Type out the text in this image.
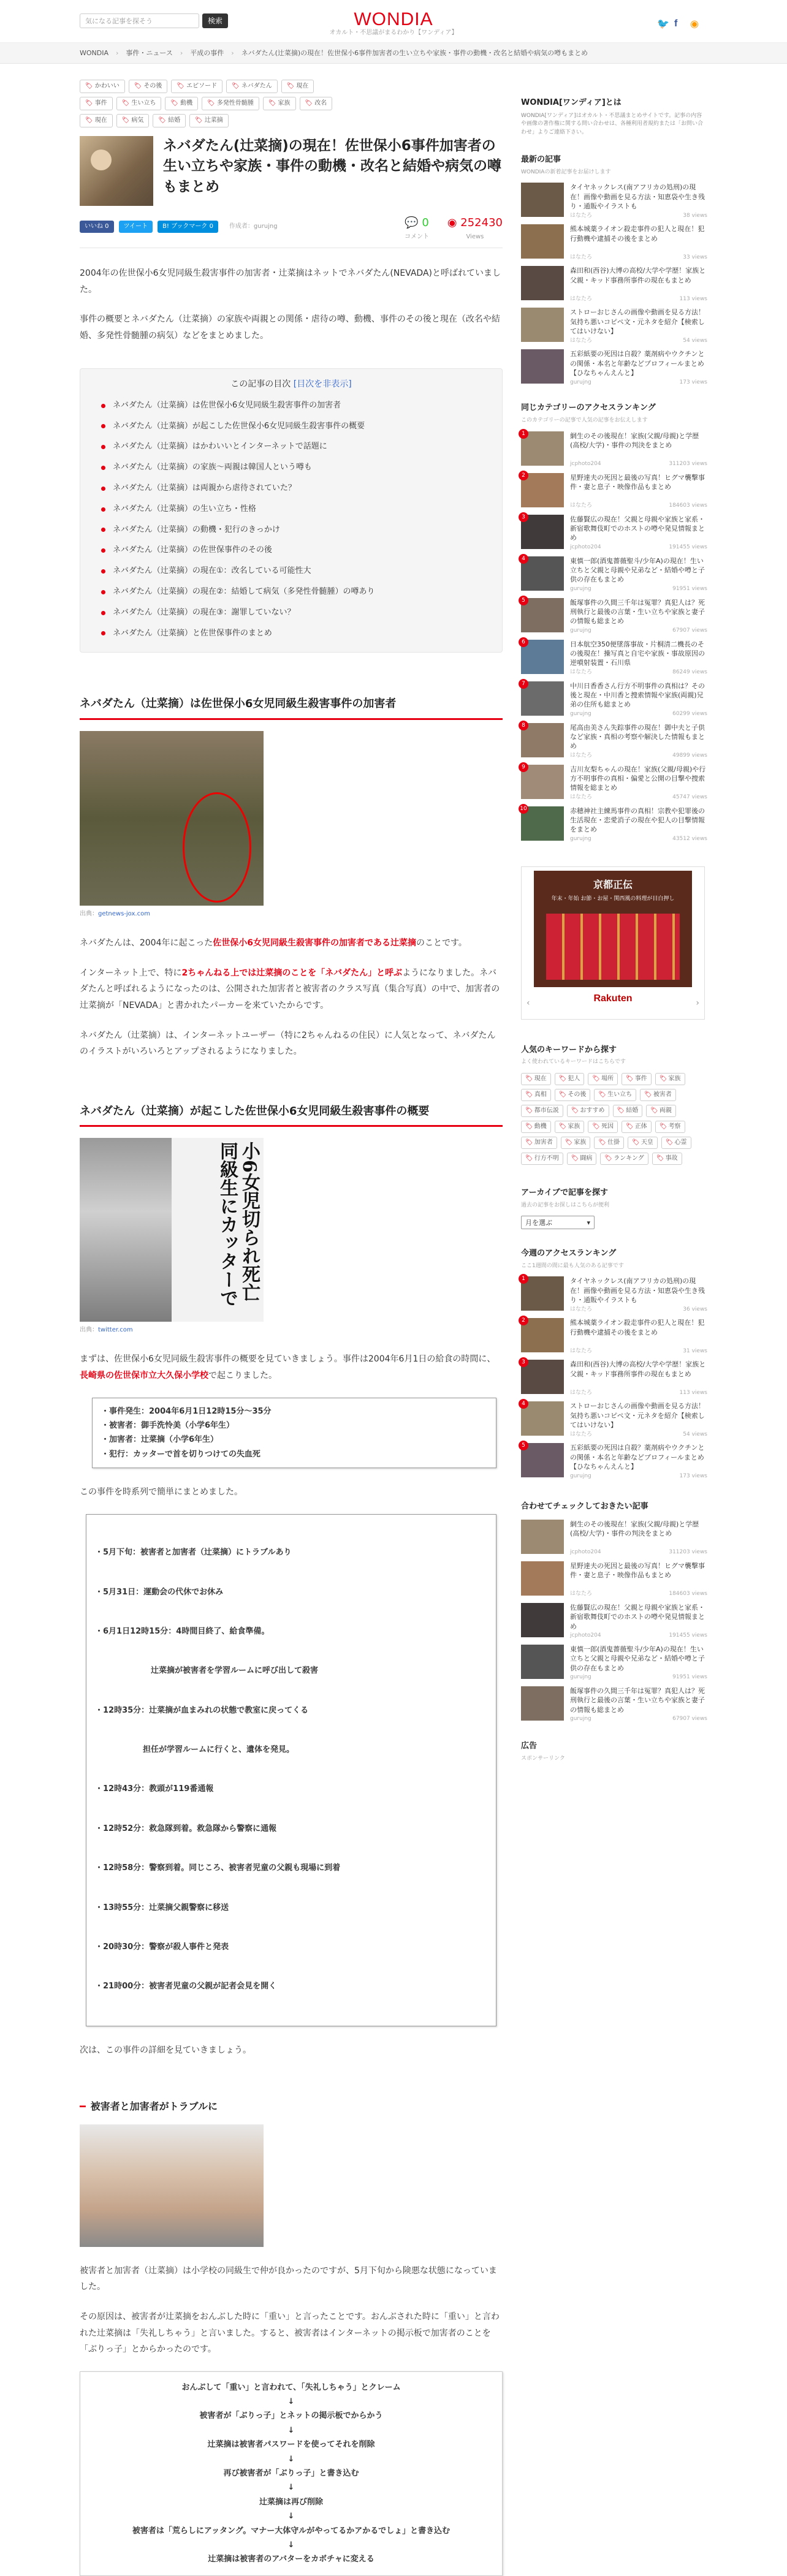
気になる記事を探そう	検索	WONDIA
オカルト・不思議がまるわかり【ワンディア】
🐦 f ◉
WONDIA › 事件・ニュース › 平成の事件 › ネバダたん(辻菜摘)の現在！佐世保小6事件加害者の生い立ちや家族・事件の動機・改名と結婚や病気の噂もまとめ
🏷 かわいい	🏷 その後	🏷 エピソード	🏷 ネバダたん	🏷 現在
🏷 事件	🏷 生い立ち	🏷 動機	🏷 多発性骨髄腫	🏷 家族	🏷 改名
🏷 現在	🏷 病気	🏷 結婚	🏷 辻菜摘
ネバダたん(辻菜摘)の現在！佐世保小6事件加害者の生い立ちや家族・事件の動機・改名と結婚や病気の噂もまとめ
いいね 0	ツイート	B! ブックマーク 0	作成者：gurujng	💬 0
コメント
◉ 252430
Views

2004年の佐世保小6女児同級生殺害事件の加害者・辻菜摘はネットでネバダたん(NEVADA)と呼ばれていました。

事件の概要とネバダたん（辻菜摘）の家族や両親との関係・虐待の噂、動機、事件のその後と現在（改名や結婚、多発性骨髄腫の病気）などをまとめました。

この記事の目次 [目次を非表示]
ネバダたん（辻菜摘）は佐世保小6女児同級生殺害事件の加害者
ネバダたん（辻菜摘）が起こした佐世保小6女児同級生殺害事件の概要
ネバダたん（辻菜摘）はかわいいとインターネットで話題に
ネバダたん（辻菜摘）の家族～両親は韓国人という噂も
ネバダたん（辻菜摘）は両親から虐待されていた？
ネバダたん（辻菜摘）の生い立ち・性格
ネバダたん（辻菜摘）の動機・犯行のきっかけ
ネバダたん（辻菜摘）の佐世保事件のその後
ネバダたん（辻菜摘）の現在①：改名している可能性大
ネバダたん（辻菜摘）の現在②：結婚して病気（多発性骨髄腫）の噂あり
ネバダたん（辻菜摘）の現在③：謝罪していない？
ネバダたん（辻菜摘）と佐世保事件のまとめ
ネバダたん（辻菜摘）は佐世保小6女児同級生殺害事件の加害者
出典：getnews-jox.com

ネバダたんは、2004年に起こった佐世保小6女児同級生殺害事件の加害者である辻菜摘のことです。

インターネット上で、特に2ちゃんねる上では辻菜摘のことを「ネバダたん」と呼ぶようになりました。ネバダたんと呼ばれるようになったのは、公開された加害者と被害者のクラス写真（集合写真）の中で、加害者の辻菜摘が「NEVADA」と書かれたパーカーを来ていたからです。

ネバダたん（辻菜摘）は、インターネットユーザー（特に2ちゃんねるの住民）に人気となって、ネバダたんのイラストがいろいろとアップされるようになりました。

ネバダたん（辻菜摘）が起こした佐世保小6女児同級生殺害事件の概要
小6女児切られ死亡 同級生にカッターで
出典：twitter.com

まずは、佐世保小6女児同級生殺害事件の概要を見ていきましょう。事件は2004年6月1日の給食の時間に、長崎県の佐世保市立大久保小学校で起こりました。

・ 事件発生：2004年6月1日12時15分～35分
・ 被害者：御手洗怜美（小学6年生）
・ 加害者：辻菜摘（小学6年生）
・ 犯行：カッターで首を切りつけての失血死

この事件を時系列で簡単にまとめました。

・5月下旬：被害者と加害者（辻菜摘）にトラブルあり

・5月31日：運動会の代休でお休み

・6月1日12時15分：4時間目終了、給食準備。

　　　　　　　辻菜摘が被害者を学習ルームに呼び出して殺害

・12時35分：辻菜摘が血まみれの状態で教室に戻ってくる

　　　　　　担任が学習ルームに行くと、遺体を発見。

・12時43分：教頭が119番通報

・12時52分：救急隊到着。救急隊から警察に通報

・12時58分：警察到着。同じころ、被害者児童の父親も現場に到着

・13時55分：辻菜摘父親警察に移送

・20時30分：警察が殺人事件と発表

・21時00分：被害者児童の父親が記者会見を開く

次は、この事件の詳細を見ていきましょう。

━ 被害者と加害者がトラブルに

被害者と加害者（辻菜摘）は小学校の同級生で仲が良かったのですが、5月下旬から険悪な状態になっていました。

その原因は、被害者が辻菜摘をおんぶした時に「重い」と言ったことです。おんぶされた時に「重い」と言われた辻菜摘は「失礼しちゃう」と言いました。すると、被害者はインターネットの掲示板で加害者のことを「ぶりっ子」とからかったのです。

おんぶして「重い」と言われて、「失礼しちゃう」とクレーム
↓
被害者が「ぶりっ子」とネットの掲示板でからかう
↓
辻菜摘は被害者パスワードを使ってそれを削除
↓
再び被害者が「ぶりっ子」と書き込む
↓
辻菜摘は再び削除
↓
被害者は「荒らしにアッタング。マナー大体守ルがやってるかアかるでしょ」と書き込む
↓
辻菜摘は被害者のアバターをカボチャに変える
WONDIA[ワンディア]とは
WONDIA[ワンディア]はオカルト・不思議まとめサイトです。記事の内容や画像の著作権に関する問い合わせは、各種利用者規約または「お問い合わせ」よりご連絡下さい。
最新の記事
WONDIAの新着記事をお届けします
タイヤネックレス(南アフリカの処刑)の現在！画像や動画を見る方法・知恵袋や生き残り・通販やイラストも
はなたろ	38 views
熊本城薬ライオン殺走事件の犯人と現在！犯行動機や逮捕その後をまとめ
はなたろ	33 views
森田和(西谷)大博の高校/大学や学歴！家族と父親・キッド事務所事件の現在もまとめ
はなたろ	113 views
ストローおじさんの画像や動画を見る方法！気持ち悪いコピペ文・元ネタを紹介【検索してはいけない】
はなたろ	54 views
五彩紙要の死因は自殺？薬剤病やウクチンとの関係・本名と年齢などプロフィールまとめ【ひなちゃんえんと】
gurujng	173 views
同じカテゴリーのアクセスランキング
このカテゴリーの記事で人気の記事をお伝えします
1	網生のその後現在！家族(父親/母親)と学歴(高校/大学)・事件の判決をまとめ
jcphoto204	311203 views
2	星野達夫の死因と最後の写真！ヒグマ襲撃事件・妻と息子・映像作品もまとめ
はなたろ	184603 views
3	佐藤賢広の現在！父親と母親や家族と家系・新宿歌舞伎町でのホストの噂や発見情報まとめ
jcphoto204	191455 views
4	東慎一郎(酒鬼薔薇聖斗/少年A)の現在！生い立ちと父親と母親や兄弟など・結婚や噂と子供の存在もまとめ
gurujng	91951 views
5	飯塚事件の久間三千年は冤罪？真犯人は？死刑執行と最後の言葉・生い立ちや家族と妻子の情報も総まとめ
gurujng	67907 views
6	日本航空350便墜落事故・片桐清二機長のその後現在！操写真と自宅や家族・事故原因の逆噴射装置・石川県
はなたろ	86249 views
7	中川日香香さん行方不明事件の真相は？その後と現在・中川香と捜索情報や家族(両親)兄弟の住所も総まとめ
gurujng	60299 views
8	尾高由美さん失踪事件の現在！御中夫と子供など家族・真相の考察や解決した情報もまとめ
はなたろ	49899 views
9	吉川友梨ちゃんの現在！家族(父親/母親)や行方不明事件の真相・偏愛と公開の目撃や捜索情報を総まとめ
はなたろ	45747 views
10	赤穂神社主練馬事件の真相！宗教や犯罪後の生活現在・恋愛消子の現在や犯人の目撃情報をまとめ
gurujng	43512 views
京都正伝
年末・年始 お節・お屋・関西風の料理が目白押し
Rakuten
‹	›
人気のキーワードから探す
よく使われているキーワードはこちらです
🏷 現在	🏷 犯人	🏷 場所	🏷 事件	🏷 家族
🏷 真相	🏷 その後	🏷 生い立ち	🏷 被害者
🏷 都市伝説	🏷 おすすめ	🏷 結婚	🏷 両親
🏷 動機	🏷 家族	🏷 死因	🏷 正体	🏷 考察
🏷 加害者	🏷 家族	🏷 仕掛	🏷 天皇	🏷 心霊
🏷 行方不明	🏷 闘病	🏷 ランキング	🏷 事故
アーカイブで記事を探す
過去の記事をお探しはこちらが便利
月を選ぶ	▾
今週のアクセスランキング
ここ1週間の間に最も人気のある記事です
1	タイヤネックレス(南アフリカの処刑)の現在！画像や動画を見る方法・知恵袋や生き残り・通販やイラストも
はなたろ	36 views
2	熊本城薬ライオン殺走事件の犯人と現在！犯行動機や逮捕その後をまとめ
はなたろ	31 views
3	森田和(西谷)大博の高校/大学や学歴！家族と父親・キッド事務所事件の現在もまとめ
はなたろ	113 views
4	ストローおじさんの画像や動画を見る方法！気持ち悪いコピペ文・元ネタを紹介【検索してはいけない】
はなたろ	54 views
5	五彩紙要の死因は自殺？薬剤病やウクチンとの関係・本名と年齢などプロフィールまとめ【ひなちゃんえんと】
gurujng	173 views
合わせてチェックしておきたい記事
網生のその後現在！家族(父親/母親)と学歴(高校/大学)・事件の判決をまとめ
jcphoto204	311203 views
星野達夫の死因と最後の写真！ヒグマ襲撃事件・妻と息子・映像作品もまとめ
はなたろ	184603 views
佐藤賢広の現在！父親と母親や家族と家系・新宿歌舞伎町でのホストの噂や発見情報まとめ
jcphoto204	191455 views
東慎一郎(酒鬼薔薇聖斗/少年A)の現在！生い立ちと父親と母親や兄弟など・結婚や噂と子供の存在もまとめ
gurujng	91951 views
飯塚事件の久間三千年は冤罪？真犯人は？死刑執行と最後の言葉・生い立ちや家族と妻子の情報も総まとめ
gurujng	67907 views
広告
スポンサーリンク
